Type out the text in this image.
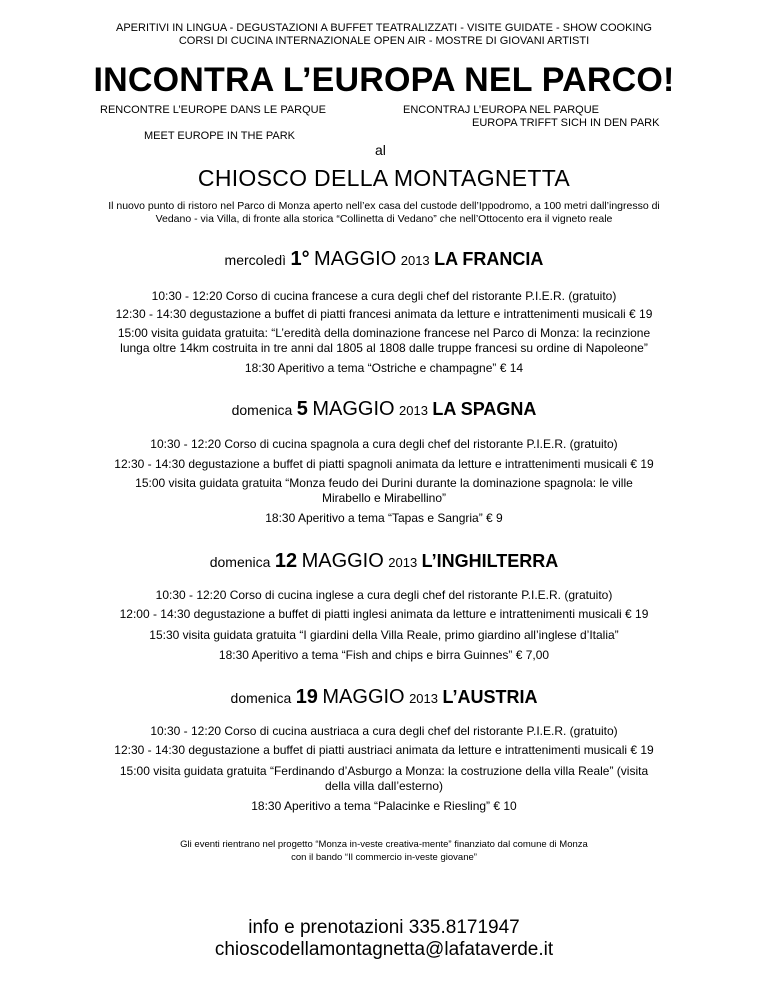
APERITIVI IN LINGUA - DEGUSTAZIONI A BUFFET TEATRALIZZATI - VISITE GUIDATE - SHOW COOKING
CORSI DI CUCINA INTERNAZIONALE OPEN AIR - MOSTRE DI GIOVANI ARTISTI
INCONTRA L’EUROPA NEL PARCO!
RENCONTRE L’EUROPE DANS LE PARQUE	ENCONTRAJ L’EUROPA NEL PARQUE
EUROPA TRIFFT SICH IN DEN PARK
MEET EUROPE IN THE PARK
al
CHIOSCO DELLA MONTAGNETTA
Il nuovo punto di ristoro nel Parco di Monza aperto nell’ex casa del custode dell’Ippodromo, a 100 metri dall’ingresso di
Vedano - via Villa, di fronte alla storica “Collinetta di Vedano” che nell’Ottocento era il vigneto reale
mercoledì 1° MAGGIO 2013 LA FRANCIA
10:30 - 12:20 Corso di cucina francese a cura degli chef del ristorante P.I.E.R. (gratuito)
12:30 - 14:30 degustazione a buffet di piatti francesi animata da letture e intrattenimenti musicali € 19
15:00 visita guidata gratuita: “L’eredità della dominazione francese nel Parco di Monza: la recinzione
lunga oltre 14km costruita in tre anni dal 1805 al 1808 dalle truppe francesi su ordine di Napoleone”
18:30 Aperitivo a tema “Ostriche e champagne” € 14
domenica 5 MAGGIO 2013 LA SPAGNA
10:30 - 12:20 Corso di cucina spagnola a cura degli chef del ristorante P.I.E.R. (gratuito)
12:30 - 14:30 degustazione a buffet di piatti spagnoli animata da letture e intrattenimenti musicali € 19
15:00 visita guidata gratuita “Monza feudo dei Durini durante la dominazione spagnola: le ville
Mirabello e Mirabellino”
18:30 Aperitivo a tema “Tapas e Sangria” € 9
domenica 12 MAGGIO 2013 L’INGHILTERRA
10:30 - 12:20 Corso di cucina inglese a cura degli chef del ristorante P.I.E.R. (gratuito)
12:00 - 14:30 degustazione a buffet di piatti inglesi animata da letture e intrattenimenti musicali € 19
15:30 visita guidata gratuita “I giardini della Villa Reale, primo giardino all’inglese d’Italia”
18:30 Aperitivo a tema “Fish and chips e birra Guinnes” € 7,00
domenica 19 MAGGIO 2013 L’AUSTRIA
10:30 - 12:20 Corso di cucina austriaca a cura degli chef del ristorante P.I.E.R. (gratuito)
12:30 - 14:30 degustazione a buffet di piatti austriaci animata da letture e intrattenimenti musicali € 19
15:00 visita guidata gratuita “Ferdinando d’Asburgo a Monza: la costruzione della villa Reale” (visita
della villa dall’esterno)
18:30 Aperitivo a tema “Palacinke e Riesling” € 10
Gli eventi rientrano nel progetto “Monza in-veste creativa-mente” finanziato dal comune di Monza
con il bando “Il commercio in-veste giovane”
info e prenotazioni 335.8171947
chioscodellamontagnetta@lafataverde.it
